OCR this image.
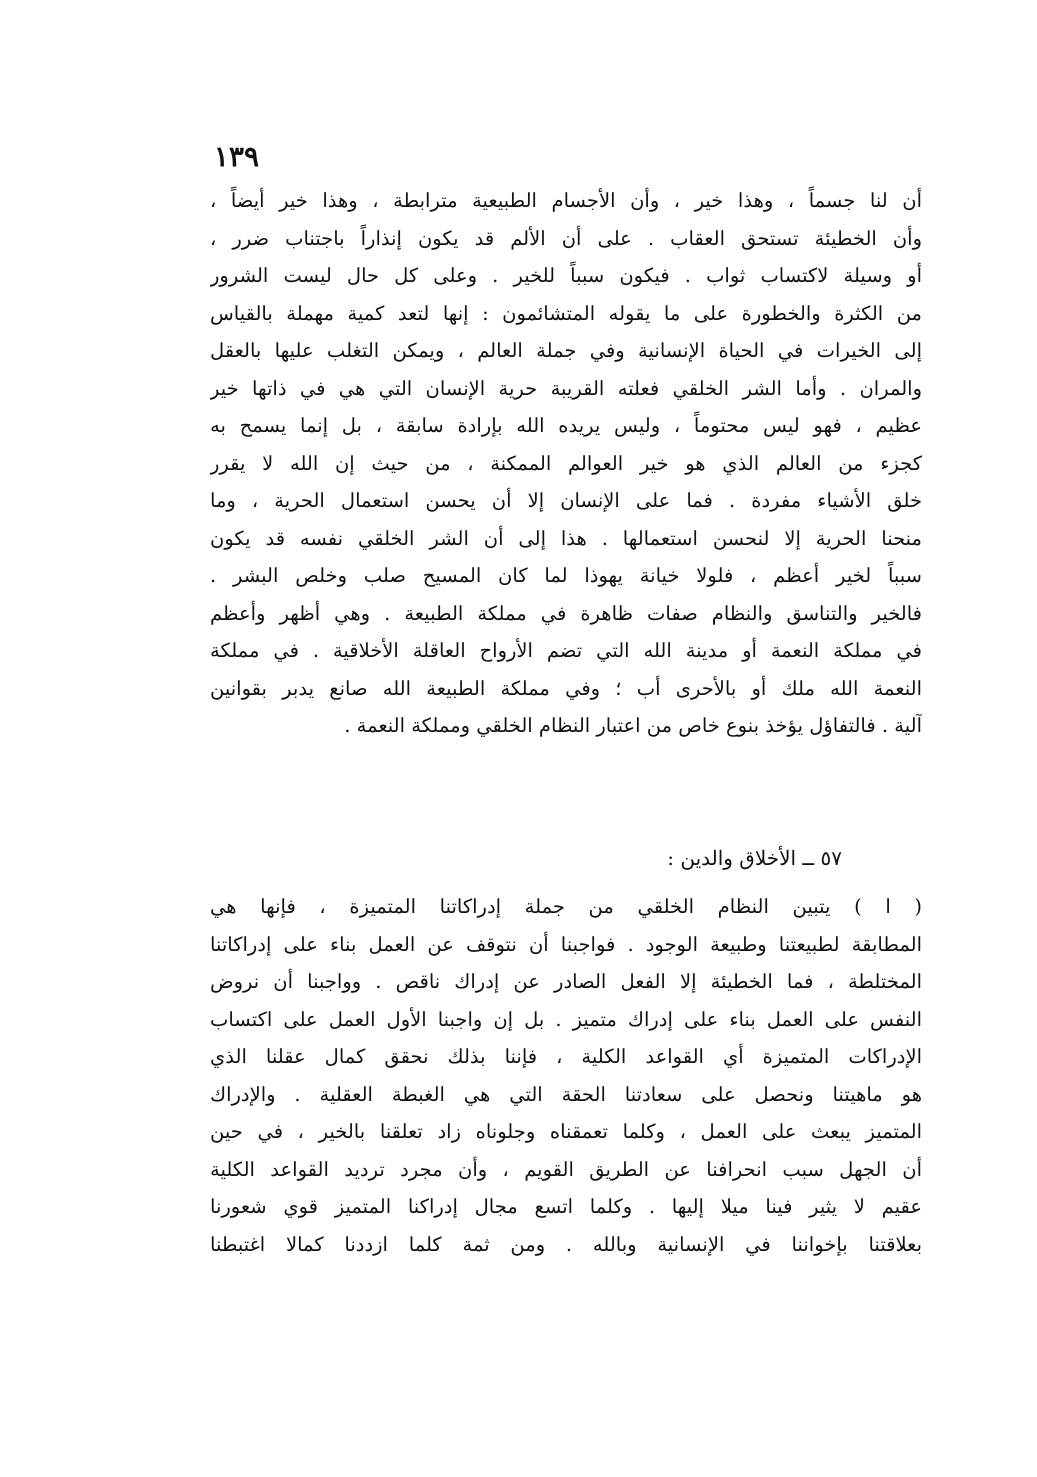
١٣٩
أن لنا جسماً ، وهذا خير ، وأن الأجسام الطبيعية مترابطة ، وهذا خير أيضاً ،
وأن الخطيئة تستحق العقاب . على أن الألم قد يكون إنذاراً باجتناب ضرر ،
أو وسيلة لاكتساب ثواب . فيكون سبباً للخير . وعلى كل حال ليست الشرور
من الكثرة والخطورة على ما يقوله المتشائمون : إنها لتعد كمية مهملة بالقياس
إلى الخيرات في الحياة الإنسانية وفي جملة العالم ، ويمكن التغلب عليها بالعقل
والمران . وأما الشر الخلقي فعلته القريبة حرية الإنسان التي هي في ذاتها خير
عظيم ، فهو ليس محتوماً ، وليس يريده الله بإرادة سابقة ، بل إنما يسمح به
كجزء من العالم الذي هو خير العوالم الممكنة ، من حيث إن الله لا يقرر
خلق الأشياء مفردة . فما على الإنسان إلا أن يحسن استعمال الحرية ، وما
منحنا الحرية إلا لنحسن استعمالها . هذا إلى أن الشر الخلقي نفسه قد يكون
سبباً لخير أعظم ، فلولا خيانة يهوذا لما كان المسيح صلب وخلص البشر .
فالخير والتناسق والنظام صفات ظاهرة في مملكة الطبيعة . وهي أظهر وأعظم
في مملكة النعمة أو مدينة الله التي تضم الأرواح العاقلة الأخلاقية . في مملكة
النعمة الله ملك أو بالأحرى أب ؛ وفي مملكة الطبيعة الله صانع يدبر بقوانين
آلية . فالتفاؤل يؤخذ بنوع خاص من اعتبار النظام الخلقي ومملكة النعمة .
٥٧ ــ الأخلاق والدين :
( ا ) يتبين النظام الخلقي من جملة إدراكاتنا المتميزة ، فإنها هي
المطابقة لطبيعتنا وطبيعة الوجود . فواجبنا أن نتوقف عن العمل بناء على إدراكاتنا
المختلطة ، فما الخطيئة إلا الفعل الصادر عن إدراك ناقص . وواجبنا أن نروض
النفس على العمل بناء على إدراك متميز . بل إن واجبنا الأول العمل على اكتساب
الإدراكات المتميزة أي القواعد الكلية ، فإننا بذلك نحقق كمال عقلنا الذي
هو ماهيتنا ونحصل على سعادتنا الحقة التي هي الغبطة العقلية . والإدراك
المتميز يبعث على العمل ، وكلما تعمقناه وجلوناه زاد تعلقنا بالخير ، في حين
أن الجهل سبب انحرافنا عن الطريق القويم ، وأن مجرد ترديد القواعد الكلية
عقيم لا يثير فينا ميلا إليها . وكلما اتسع مجال إدراكنا المتميز قوي شعورنا
بعلاقتنا بإخواننا في الإنسانية وبالله . ومن ثمة كلما ازددنا كمالا اغتبطنا
